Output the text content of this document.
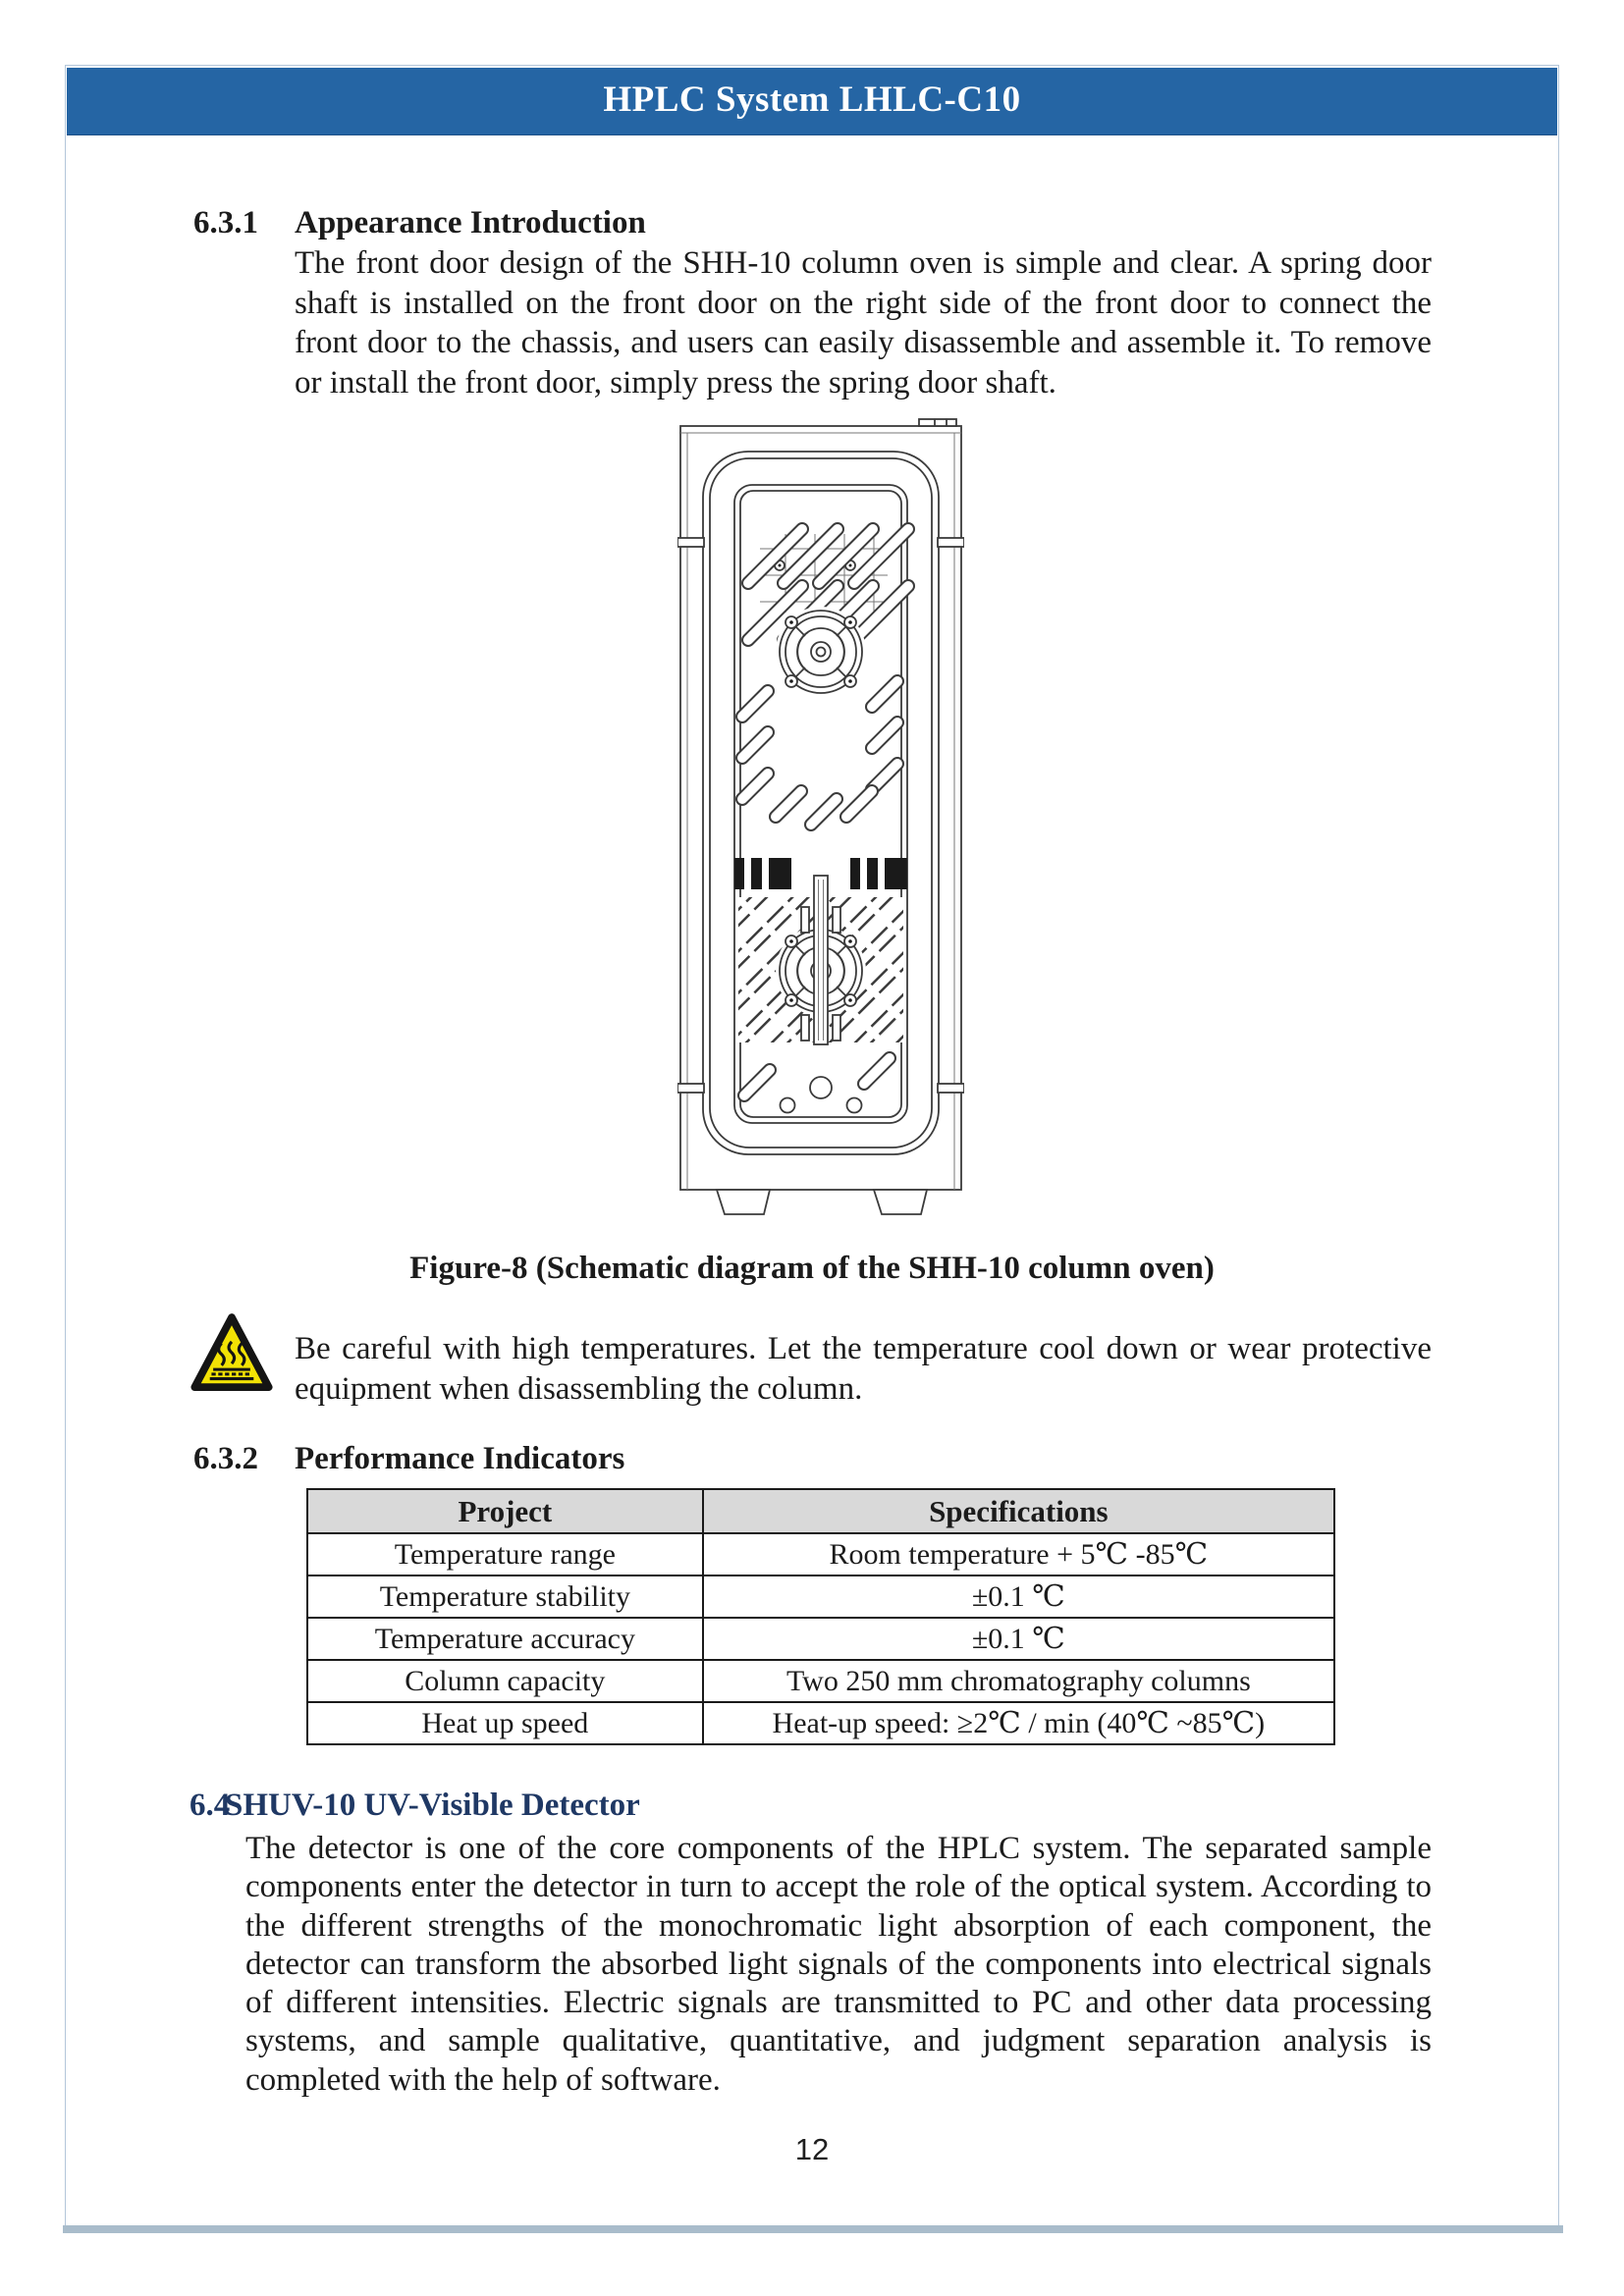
HPLC System LHLC-C10
6.3.1 Appearance Introduction
The front door design of the SHH-10 column oven is simple and clear. A spring door shaft is installed on the front door on the right side of the front door to connect the front door to the chassis, and users can easily disassemble and assemble it. To remove or install the front door, simply press the spring door shaft.
Figure-8 (Schematic diagram of the SHH-10 column oven)
Be careful with high temperatures. Let the temperature cool down or wear protective equipment when disassembling the column.
6.3.2 Performance Indicators
Project	Specifications
Temperature range	Room temperature + 5℃ -85℃
Temperature stability	±0.1 ℃
Temperature accuracy	±0.1 ℃
Column capacity	Two 250 mm chromatography columns
Heat up speed	Heat-up speed: ≥2℃ / min (40℃ ~85℃)
6.4
SHUV-10 UV-Visible Detector
The detector is one of the core components of the HPLC system. The separated sample components enter the detector in turn to accept the role of the optical system. According to the different strengths of the monochromatic light absorption of each component, the detector can transform the absorbed light signals of the components into electrical signals of different intensities. Electric signals are transmitted to PC and other data processing systems, and sample qualitative, quantitative, and judgment separation analysis is completed with the help of software.
12
